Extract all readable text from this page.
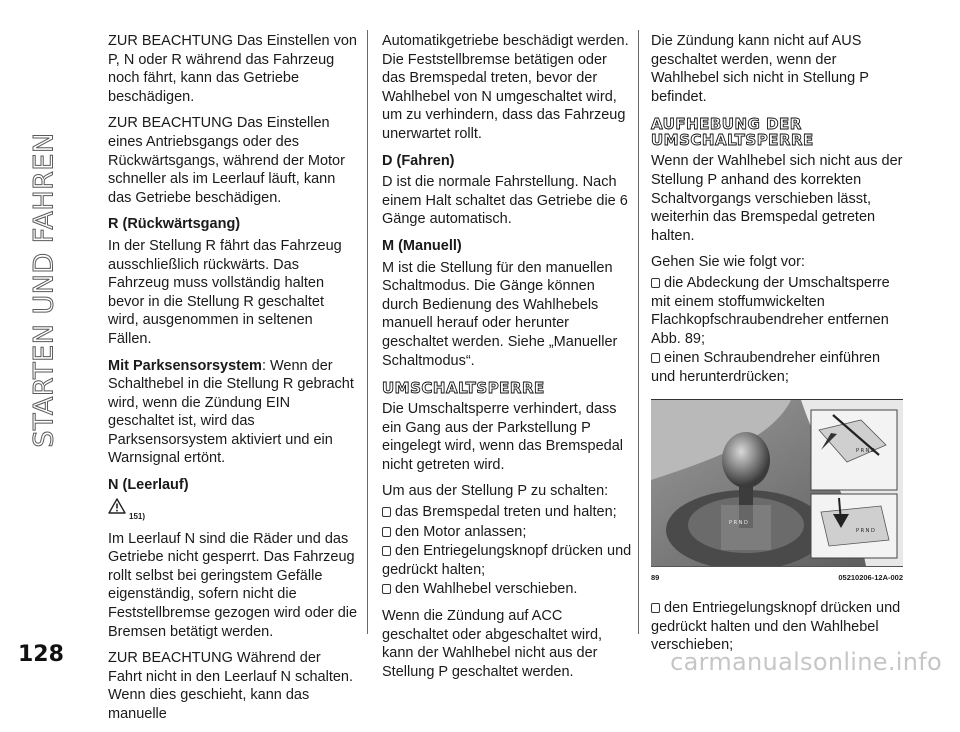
STARTEN UND FAHREN

ZUR BEACHTUNG Das Einstellen von P, N oder R während das Fahrzeug noch fährt, kann das Getriebe beschädigen.

ZUR BEACHTUNG Das Einstellen eines Antriebsgangs oder des Rückwärtsgangs, während der Motor schneller als im Leerlauf läuft, kann das Getriebe beschädigen.

R (Rückwärtsgang)

In der Stellung R fährt das Fahrzeug ausschließlich rückwärts. Das Fahrzeug muss vollständig halten bevor in die Stellung R geschaltet wird, ausgenommen in seltenen Fällen.

Mit Parksensorsystem: Wenn der Schalthebel in die Stellung R gebracht wird, wenn die Zündung EIN geschaltet ist, wird das Parksensorsystem aktiviert und ein Warnsignal ertönt.

N (Leerlauf)
151)

Im Leerlauf N sind die Räder und das Getriebe nicht gesperrt. Das Fahrzeug rollt selbst bei geringstem Gefälle eigenständig, sofern nicht die Feststellbremse gezogen wird oder die Bremsen betätigt werden.

ZUR BEACHTUNG Während der Fahrt nicht in den Leerlauf N schalten. Wenn dies geschieht, kann das manuelle

Automatikgetriebe beschädigt werden. Die Feststellbremse betätigen oder das Bremspedal treten, bevor der Wahlhebel von N umgeschaltet wird, um zu verhindern, dass das Fahrzeug unerwartet rollt.

D (Fahren)

D ist die normale Fahrstellung. Nach einem Halt schaltet das Getriebe die 6 Gänge automatisch.

M (Manuell)

M ist die Stellung für den manuellen Schaltmodus. Die Gänge können durch Bedienung des Wahlhebels manuell herauf oder herunter geschaltet werden. Siehe „Manueller Schaltmodus“.

UMSCHALTSPERRE

Die Umschaltsperre verhindert, dass ein Gang aus der Parkstellung P eingelegt wird, wenn das Bremspedal nicht getreten wird.

Um aus der Stellung P zu schalten:

das Bremspedal treten und halten;
den Motor anlassen;
den Entriegelungsknopf drücken und gedrückt halten;
den Wahlhebel verschieben.

Wenn die Zündung auf ACC geschaltet oder abgeschaltet wird, kann der Wahlhebel nicht aus der Stellung P geschaltet werden.

Die Zündung kann nicht auf AUS geschaltet werden, wenn der Wahlhebel sich nicht in Stellung P befindet.

AUFHEBUNG DER UMSCHALTSPERRE

Wenn der Wahlhebel sich nicht aus der Stellung P anhand des korrekten Schaltvorgangs verschieben lässt, weiterhin das Bremspedal getreten halten.

Gehen Sie wie folgt vor:

die Abdeckung der Umschaltsperre mit einem stoffumwickelten Flachkopfschraubendreher entfernen Abb. 89;
einen Schraubendreher einführen und herunterdrücken;
P R N D
P R N D
P R N D
89	05210206-12A-002
den Entriegelungsknopf drücken und gedrückt halten und den Wahlhebel verschieben;
128	carmanualsonline.info
